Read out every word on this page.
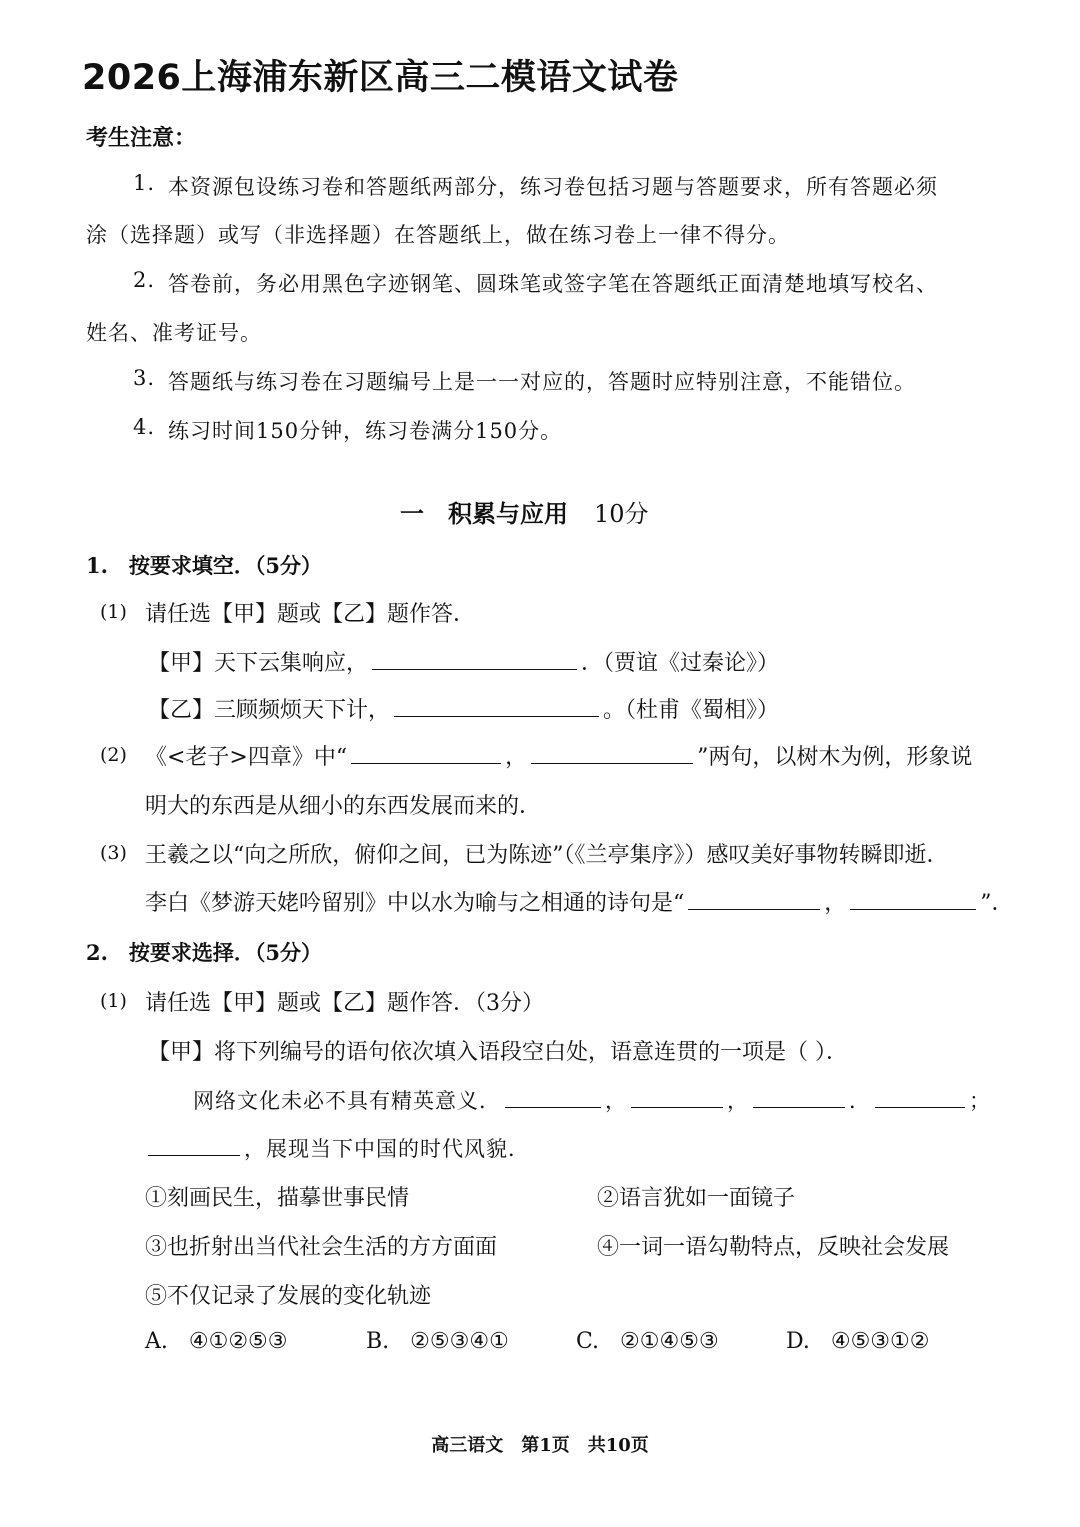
2026上海浦东新区高三二模语文试卷
考生注意：
1. 本资源包设练习卷和答题纸两部分，练习卷包括习题与答题要求，所有答题必须
涂（选择题）或写（非选择题）在答题纸上，做在练习卷上一律不得分。
2. 答卷前，务必用黑色字迹钢笔、圆珠笔或签字笔在答题纸正面清楚地填写校名、
姓名、准考证号。
3. 答题纸与练习卷在习题编号上是一一对应的，答题时应特别注意，不能错位。
4. 练习时间150分钟，练习卷满分150分。
一　积累与应用 10分
1.　按要求填空．（5分）
(1) 请任选【甲】题或【乙】题作答．
【甲】天下云集响应，	．（贾谊《过秦论》）
【乙】三顾频烦天下计，	。（杜甫《蜀相》）
(2) 《<老子>四章》中“	，	”两句，以树木为例，形象说
明大的东西是从细小的东西发展而来的．
(3) 王羲之以“向之所欣，俯仰之间，已为陈迹”（《兰亭集序》）感叹美好事物转瞬即逝．
李白《梦游天姥吟留别》中以水为喻与之相通的诗句是“	，	”．
2.　按要求选择．（5分）
(1) 请任选【甲】题或【乙】题作答．（3分）
【甲】将下列编号的语句依次填入语段空白处，语意连贯的一项是（ ）．
网络文化未必不具有精英意义．	，	，	．	；
，展现当下中国的时代风貌．
①刻画民生，描摹世事民情	②语言犹如一面镜子
③也折射出当代社会生活的方方面面	④一词一语勾勒特点，反映社会发展
⑤不仅记录了发展的变化轨迹
A. ④①②⑤③	B. ②⑤③④①	C. ②①④⑤③	D. ④⑤③①②
高三语文　第1页　共10页
